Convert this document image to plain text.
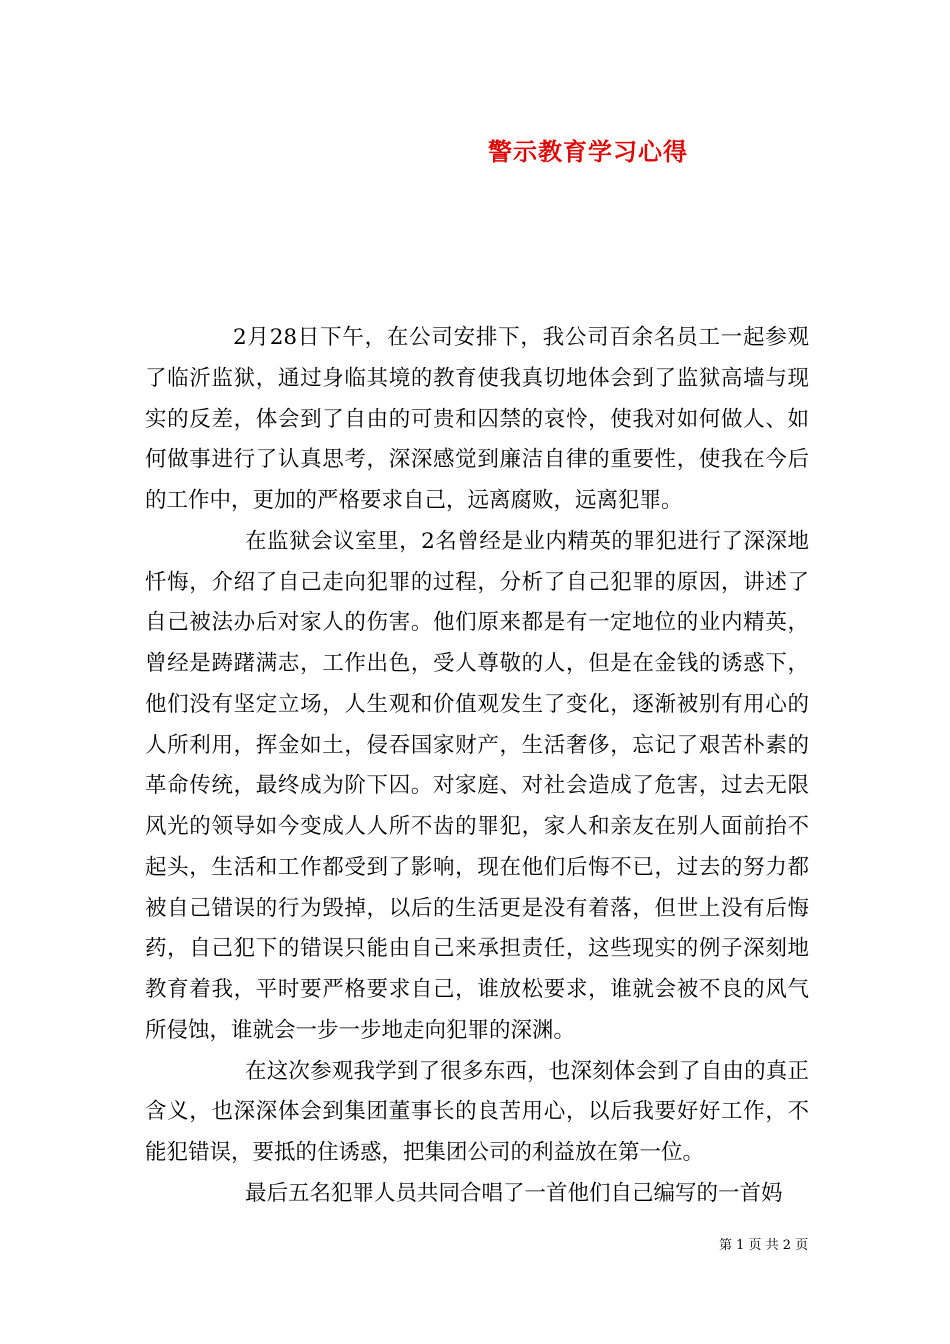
警示教育学习心得

2月28日下午，在公司安排下，我公司百余名员工一起参观了临沂监狱，通过身临其境的教育使我真切地体会到了监狱高墙与现实的反差，体会到了自由的可贵和囚禁的哀怜，使我对如何做人、如何做事进行了认真思考，深深感觉到廉洁自律的重要性，使我在今后的工作中，更加的严格要求自己，远离腐败，远离犯罪。

在监狱会议室里，2名曾经是业内精英的罪犯进行了深深地忏悔，介绍了自己走向犯罪的过程，分析了自己犯罪的原因，讲述了自己被法办后对家人的伤害。他们原来都是有一定地位的业内精英，曾经是踌躇满志，工作出色，受人尊敬的人，但是在金钱的诱惑下，他们没有坚定立场，人生观和价值观发生了变化，逐渐被别有用心的人所利用，挥金如土，侵吞国家财产，生活奢侈，忘记了艰苦朴素的革命传统，最终成为阶下囚。对家庭、对社会造成了危害，过去无限风光的领导如今变成人人所不齿的罪犯，家人和亲友在别人面前抬不起头，生活和工作都受到了影响，现在他们后悔不已，过去的努力都被自己错误的行为毁掉，以后的生活更是没有着落，但世上没有后悔药，自己犯下的错误只能由自己来承担责任，这些现实的例子深刻地教育着我，平时要严格要求自己，谁放松要求，谁就会被不良的风气所侵蚀，谁就会一步一步地走向犯罪的深渊。

在这次参观我学到了很多东西，也深刻体会到了自由的真正含义，也深深体会到集团董事长的良苦用心，以后我要好好工作，不能犯错误，要抵的住诱惑，把集团公司的利益放在第一位。

最后五名犯罪人员共同合唱了一首他们自己编写的一首妈

第 1 页 共 2 页
